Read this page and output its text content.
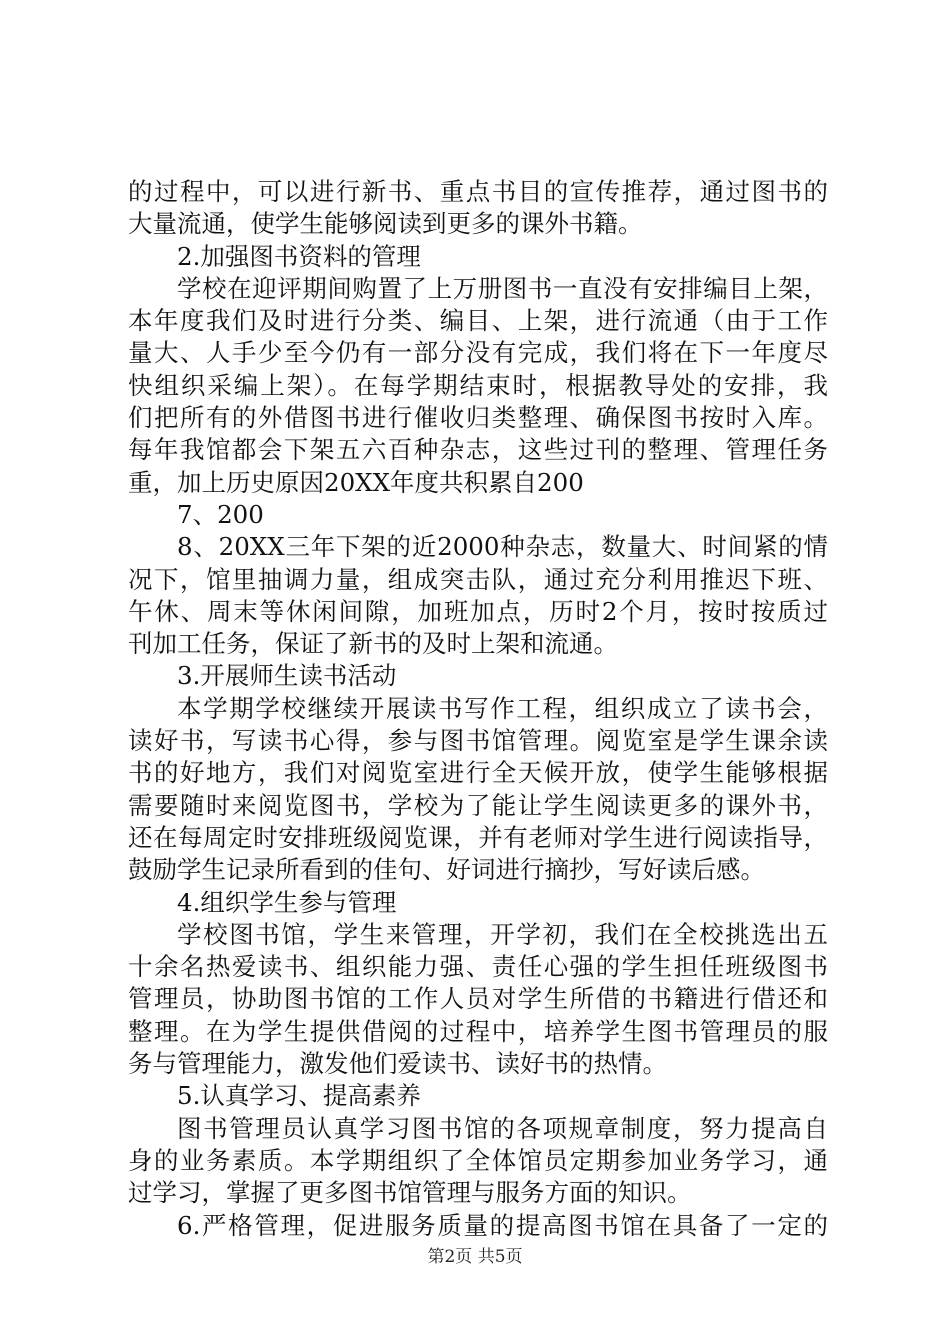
的过程中，可以进行新书、重点书目的宣传推荐，通过图书的
大量流通，使学生能够阅读到更多的课外书籍。
2.加强图书资料的管理
学校在迎评期间购置了上万册图书一直没有安排编目上架，
本年度我们及时进行分类、编目、上架，进行流通（由于工作
量大、人手少至今仍有一部分没有完成，我们将在下一年度尽
快组织采编上架）。在每学期结束时，根据教导处的安排，我
们把所有的外借图书进行催收归类整理、确保图书按时入库。
每年我馆都会下架五六百种杂志，这些过刊的整理、管理任务
重，加上历史原因20XX年度共积累自200
7、200
8、20XX三年下架的近2000种杂志，数量大、时间紧的情
况下，馆里抽调力量，组成突击队，通过充分利用推迟下班、
午休、周末等休闲间隙，加班加点，历时2个月，按时按质过
刊加工任务，保证了新书的及时上架和流通。
3.开展师生读书活动
本学期学校继续开展读书写作工程，组织成立了读书会，
读好书，写读书心得，参与图书馆管理。阅览室是学生课余读
书的好地方，我们对阅览室进行全天候开放，使学生能够根据
需要随时来阅览图书，学校为了能让学生阅读更多的课外书，
还在每周定时安排班级阅览课，并有老师对学生进行阅读指导，
鼓励学生记录所看到的佳句、好词进行摘抄，写好读后感。
4.组织学生参与管理
学校图书馆，学生来管理，开学初，我们在全校挑选出五
十余名热爱读书、组织能力强、责任心强的学生担任班级图书
管理员，协助图书馆的工作人员对学生所借的书籍进行借还和
整理。在为学生提供借阅的过程中，培养学生图书管理员的服
务与管理能力，激发他们爱读书、读好书的热情。
5.认真学习、提高素养
图书管理员认真学习图书馆的各项规章制度，努力提高自
身的业务素质。本学期组织了全体馆员定期参加业务学习，通
过学习，掌握了更多图书馆管理与服务方面的知识。
6.严格管理，促进服务质量的提高图书馆在具备了一定的
第2页 共5页
